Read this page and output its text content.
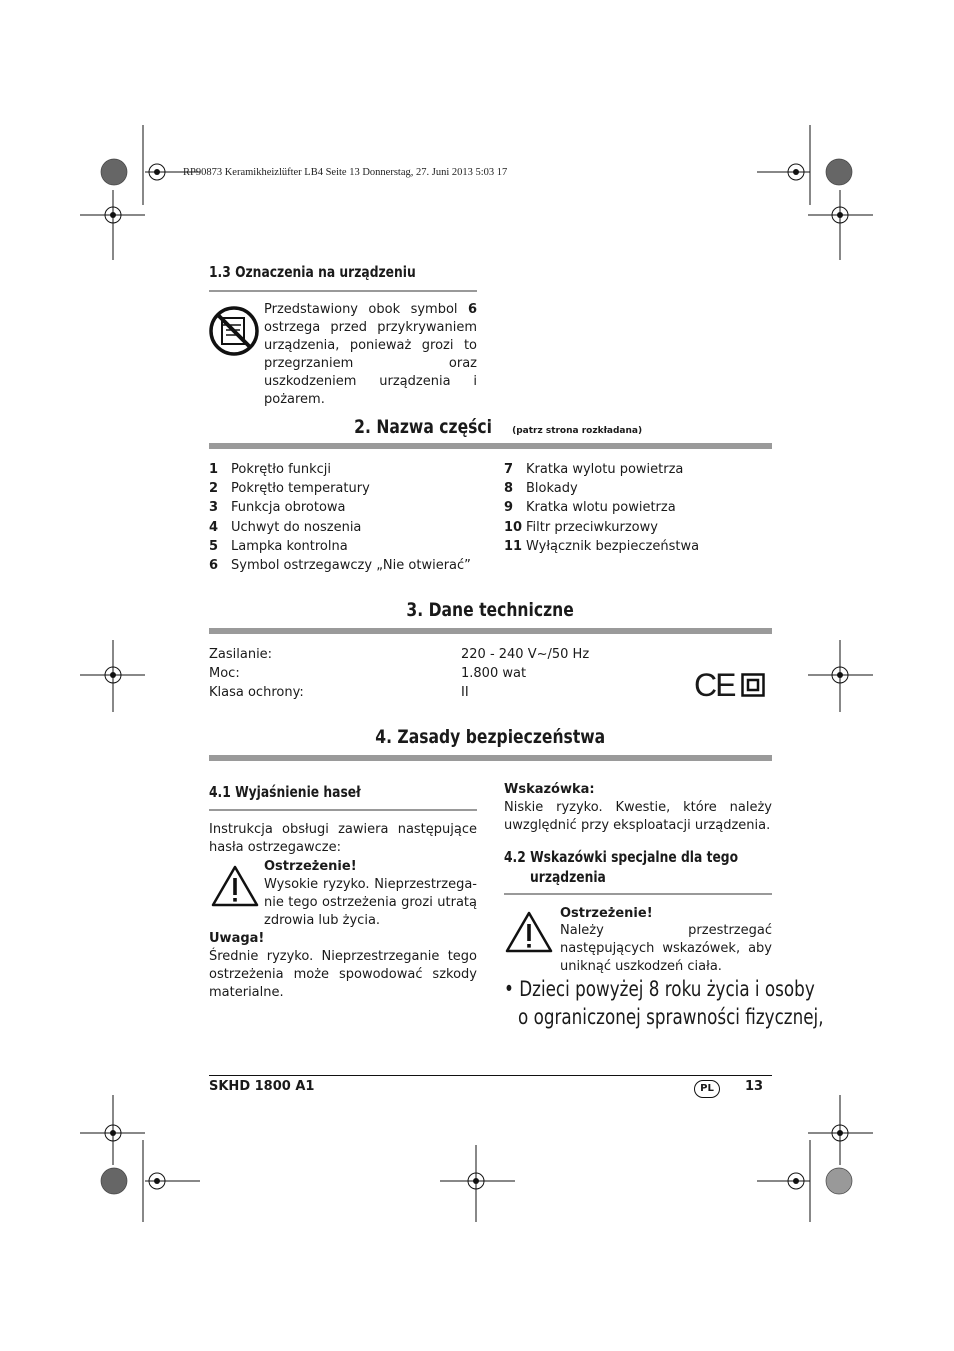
RP90873 Keramikheizlüfter LB4 Seite 13 Donnerstag, 27. Juni 2013 5:03 17
1.3 Oznaczenia na urządzeniu
Przedstawiony obok symbol 6 ostrzega przed przykrywaniem urządzenia, ponieważ grozi to przegrzaniem oraz uszkodzeniem urządzenia i pożarem.
2. Nazwa części (patrz strona rozkładana)
1 Pokrętło funkcji
2 Pokrętło temperatury
3 Funkcja obrotowa
4 Uchwyt do noszenia
5 Lampka kontrolna
6 Symbol ostrzegawczy „Nie otwierać”
7 Kratka wylotu powietrza
8 Blokady
9 Kratka wlotu powietrza
10 Filtr przeciwkurzowy
11 Wyłącznik bezpieczeństwa
3. Dane techniczne
Zasilanie:	220 - 240 V~/50 Hz
Moc:	1.800 wat
Klasa ochrony:	II	CE
4. Zasady bezpieczeństwa
4.1 Wyjaśnienie haseł
Instrukcja obsługi zawiera następujące hasła ostrzegawcze:
Ostrzeżenie!
Wysokie ryzyko. Nieprzestrzega-nie tego ostrzeżenia grozi utratą zdrowia lub życia.
Uwaga!
Średnie ryzyko. Nieprzestrzeganie tego ostrzeżenia może spowodować szkody materialne.
Wskazówka:
Niskie ryzyko. Kwestie, które należy uwzględnić przy eksploatacji urządzenia.
4.2 Wskazówki specjalne dla tego
urządzenia
Ostrzeżenie!
Należy przestrzegać następujących wskazówek, aby uniknąć uszkodzeń ciała.
• Dzieci powyżej 8 roku życia i osoby
o ograniczonej sprawności fizycznej,
SKHD 1800 A1	PL	13
